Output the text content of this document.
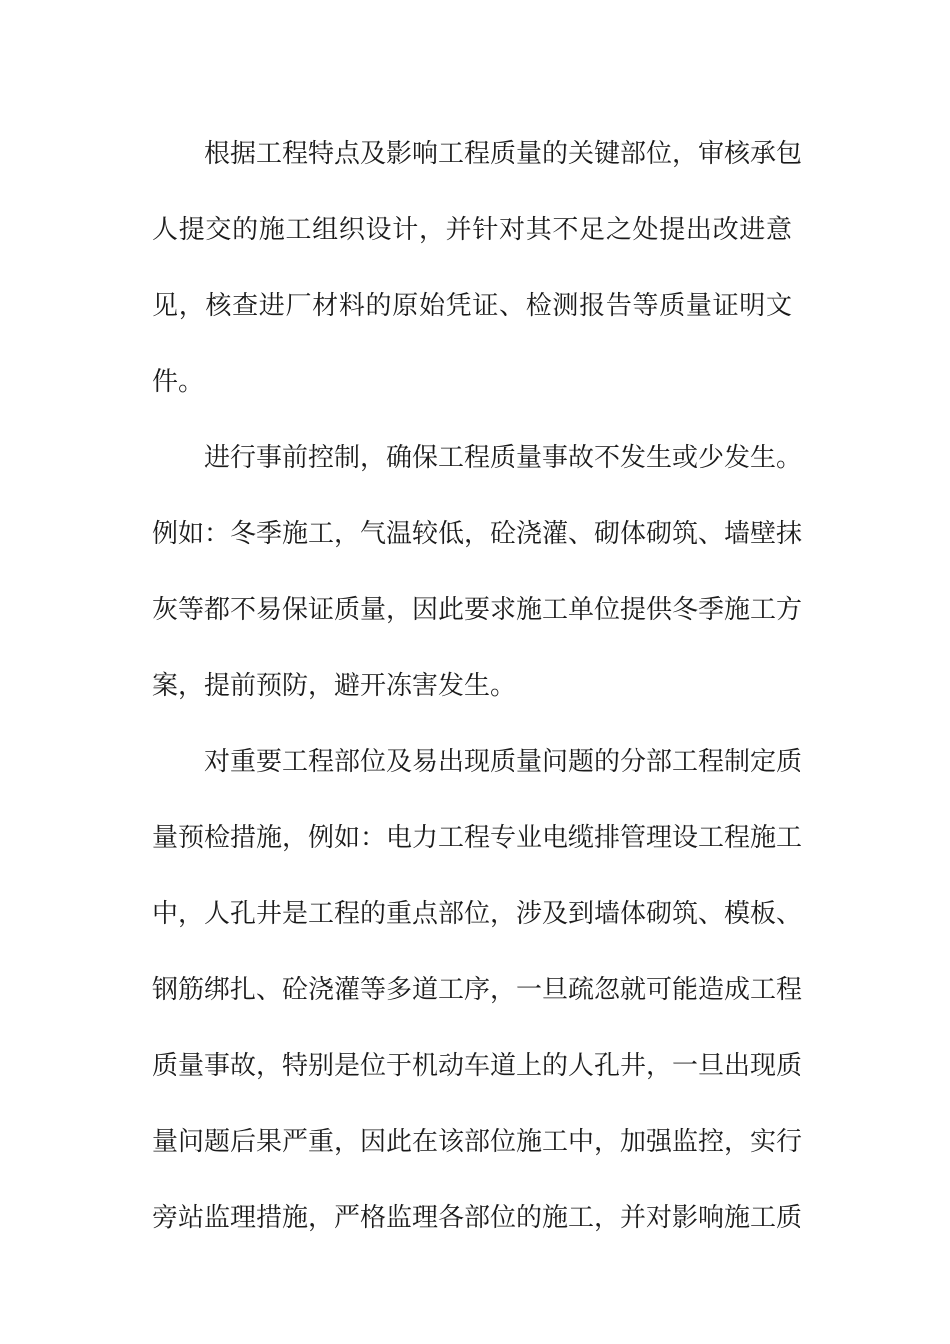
根据工程特点及影响工程质量的关键部位，审核承包
人提交的施工组织设计，并针对其不足之处提出改进意
见，核查进厂材料的原始凭证、检测报告等质量证明文
件。
进行事前控制，确保工程质量事故不发生或少发生。
例如：冬季施工，气温较低，砼浇灌、砌体砌筑、墙壁抹
灰等都不易保证质量，因此要求施工单位提供冬季施工方
案，提前预防，避开冻害发生。
对重要工程部位及易出现质量问题的分部工程制定质
量预检措施，例如：电力工程专业电缆排管理设工程施工
中，人孔井是工程的重点部位，涉及到墙体砌筑、模板、
钢筋绑扎、砼浇灌等多道工序，一旦疏忽就可能造成工程
质量事故，特别是位于机动车道上的人孔井，一旦出现质
量问题后果严重，因此在该部位施工中，加强监控，实行
旁站监理措施，严格监理各部位的施工，并对影响施工质
